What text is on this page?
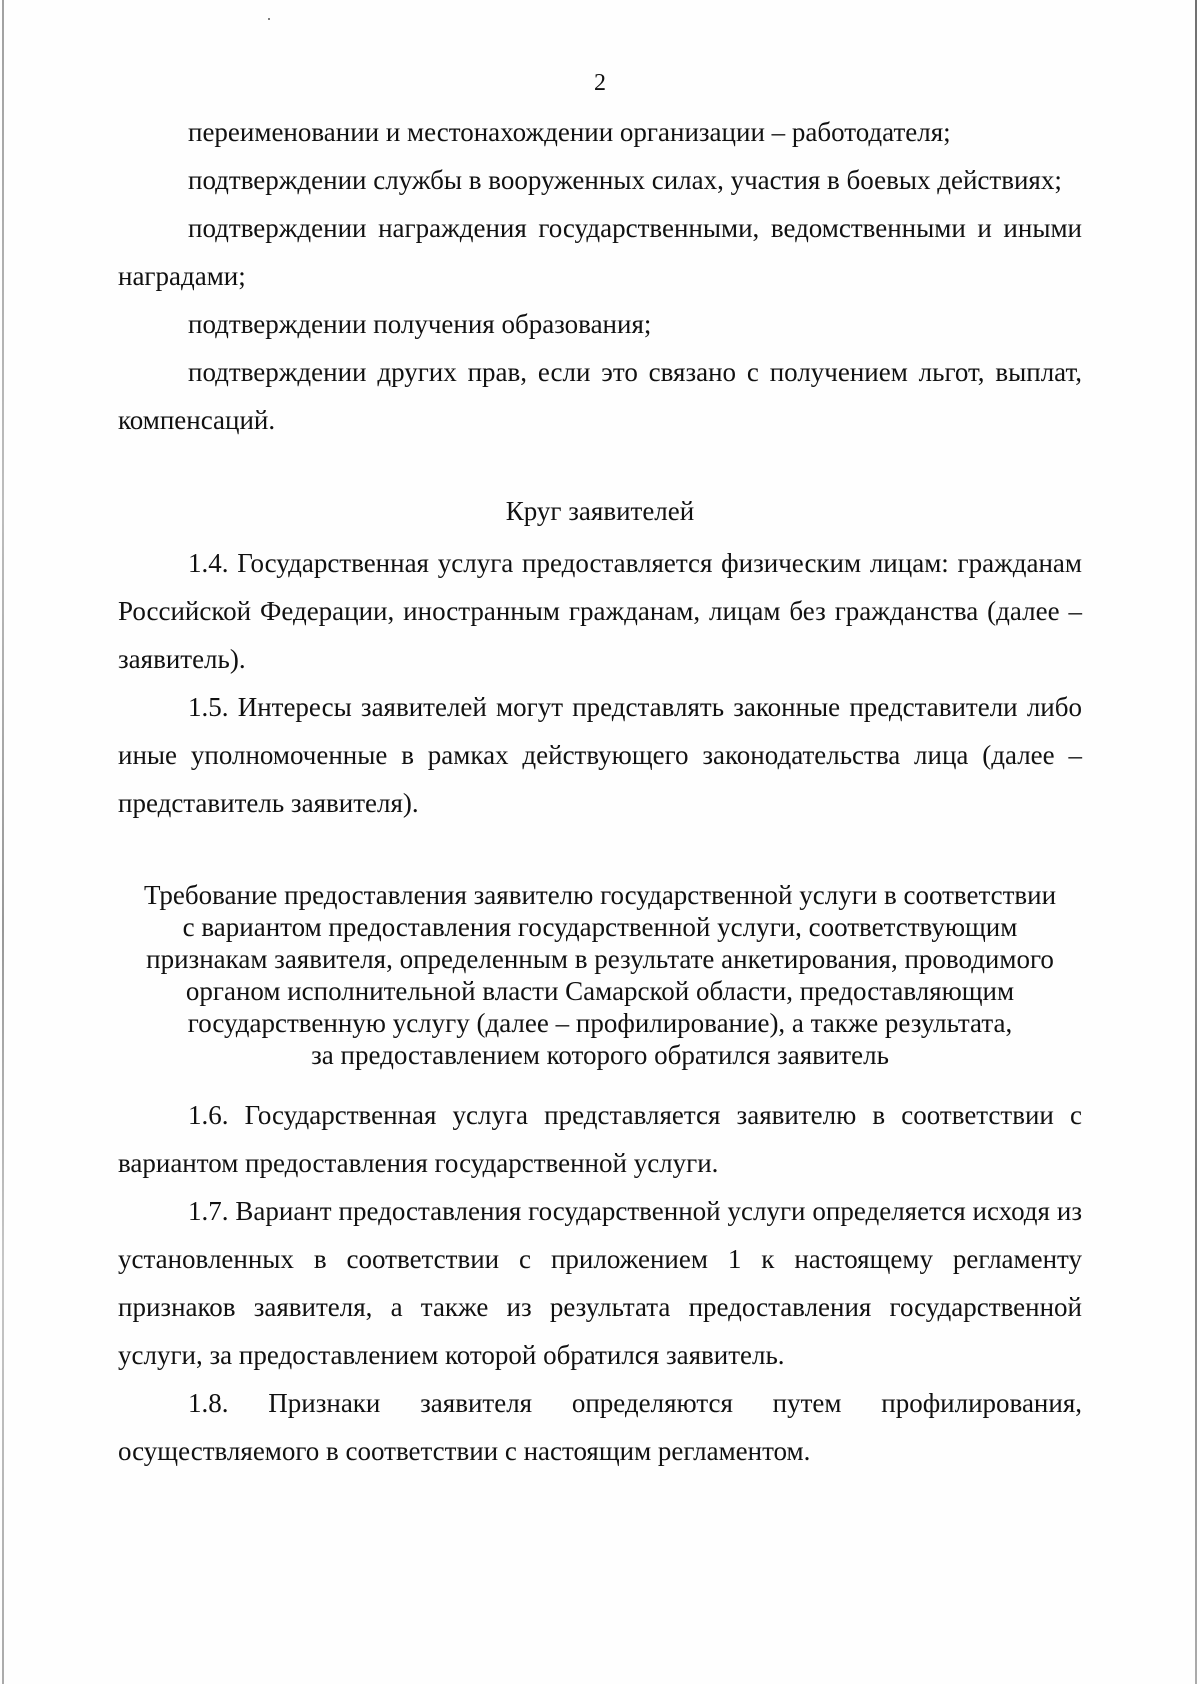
2

переименовании и местонахождении организации – работодателя;

подтверждении службы в вооруженных силах, участия в боевых действиях;

подтверждении награждения государственными, ведомственными и иными наградами;

подтверждении получения образования;

подтверждении других прав, если это связано с получением льгот, выплат, компенсаций.

Круг заявителей

1.4. Государственная услуга предоставляется физическим лицам: гражданам Российской Федерации, иностранным гражданам, лицам без гражданства (далее – заявитель).

1.5. Интересы заявителей могут представлять законные представители либо иные уполномоченные в рамках действующего законодательства лица (далее – представитель заявителя).

Требование предоставления заявителю государственной услуги в соответствии
с вариантом предоставления государственной услуги, соответствующим
признакам заявителя, определенным в результате анкетирования, проводимого
органом исполнительной власти Самарской области, предоставляющим
государственную услугу (далее – профилирование), а также результата,
за предоставлением которого обратился заявитель

1.6. Государственная услуга представляется заявителю в соответствии с вариантом предоставления государственной услуги.

1.7. Вариант предоставления государственной услуги определяется исходя из установленных в соответствии с приложением 1 к настоящему регламенту признаков заявителя, а также из результата предоставления государственной услуги, за предоставлением которой обратился заявитель.

1.8. Признаки заявителя определяются путем профилирования, осуществляемого в соответствии с настоящим регламентом.
